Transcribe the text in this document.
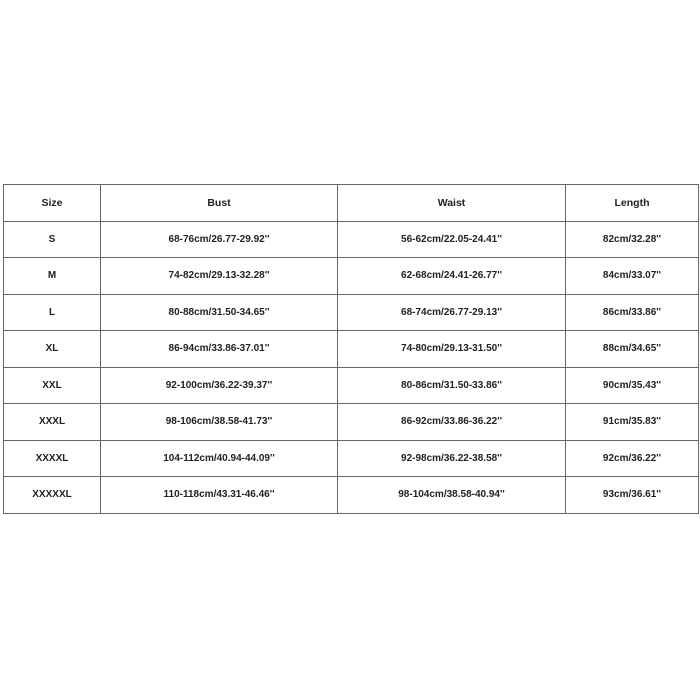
Size	Bust	Waist	Length
S	68-76cm/26.77-29.92''	56-62cm/22.05-24.41''	82cm/32.28''
M	74-82cm/29.13-32.28''	62-68cm/24.41-26.77''	84cm/33.07''
L	80-88cm/31.50-34.65''	68-74cm/26.77-29.13''	86cm/33.86''
XL	86-94cm/33.86-37.01''	74-80cm/29.13-31.50''	88cm/34.65''
XXL	92-100cm/36.22-39.37''	80-86cm/31.50-33.86''	90cm/35.43''
XXXL	98-106cm/38.58-41.73''	86-92cm/33.86-36.22''	91cm/35.83''
XXXXL	104-112cm/40.94-44.09''	92-98cm/36.22-38.58''	92cm/36.22''
XXXXXL	110-118cm/43.31-46.46''	98-104cm/38.58-40.94''	93cm/36.61''
